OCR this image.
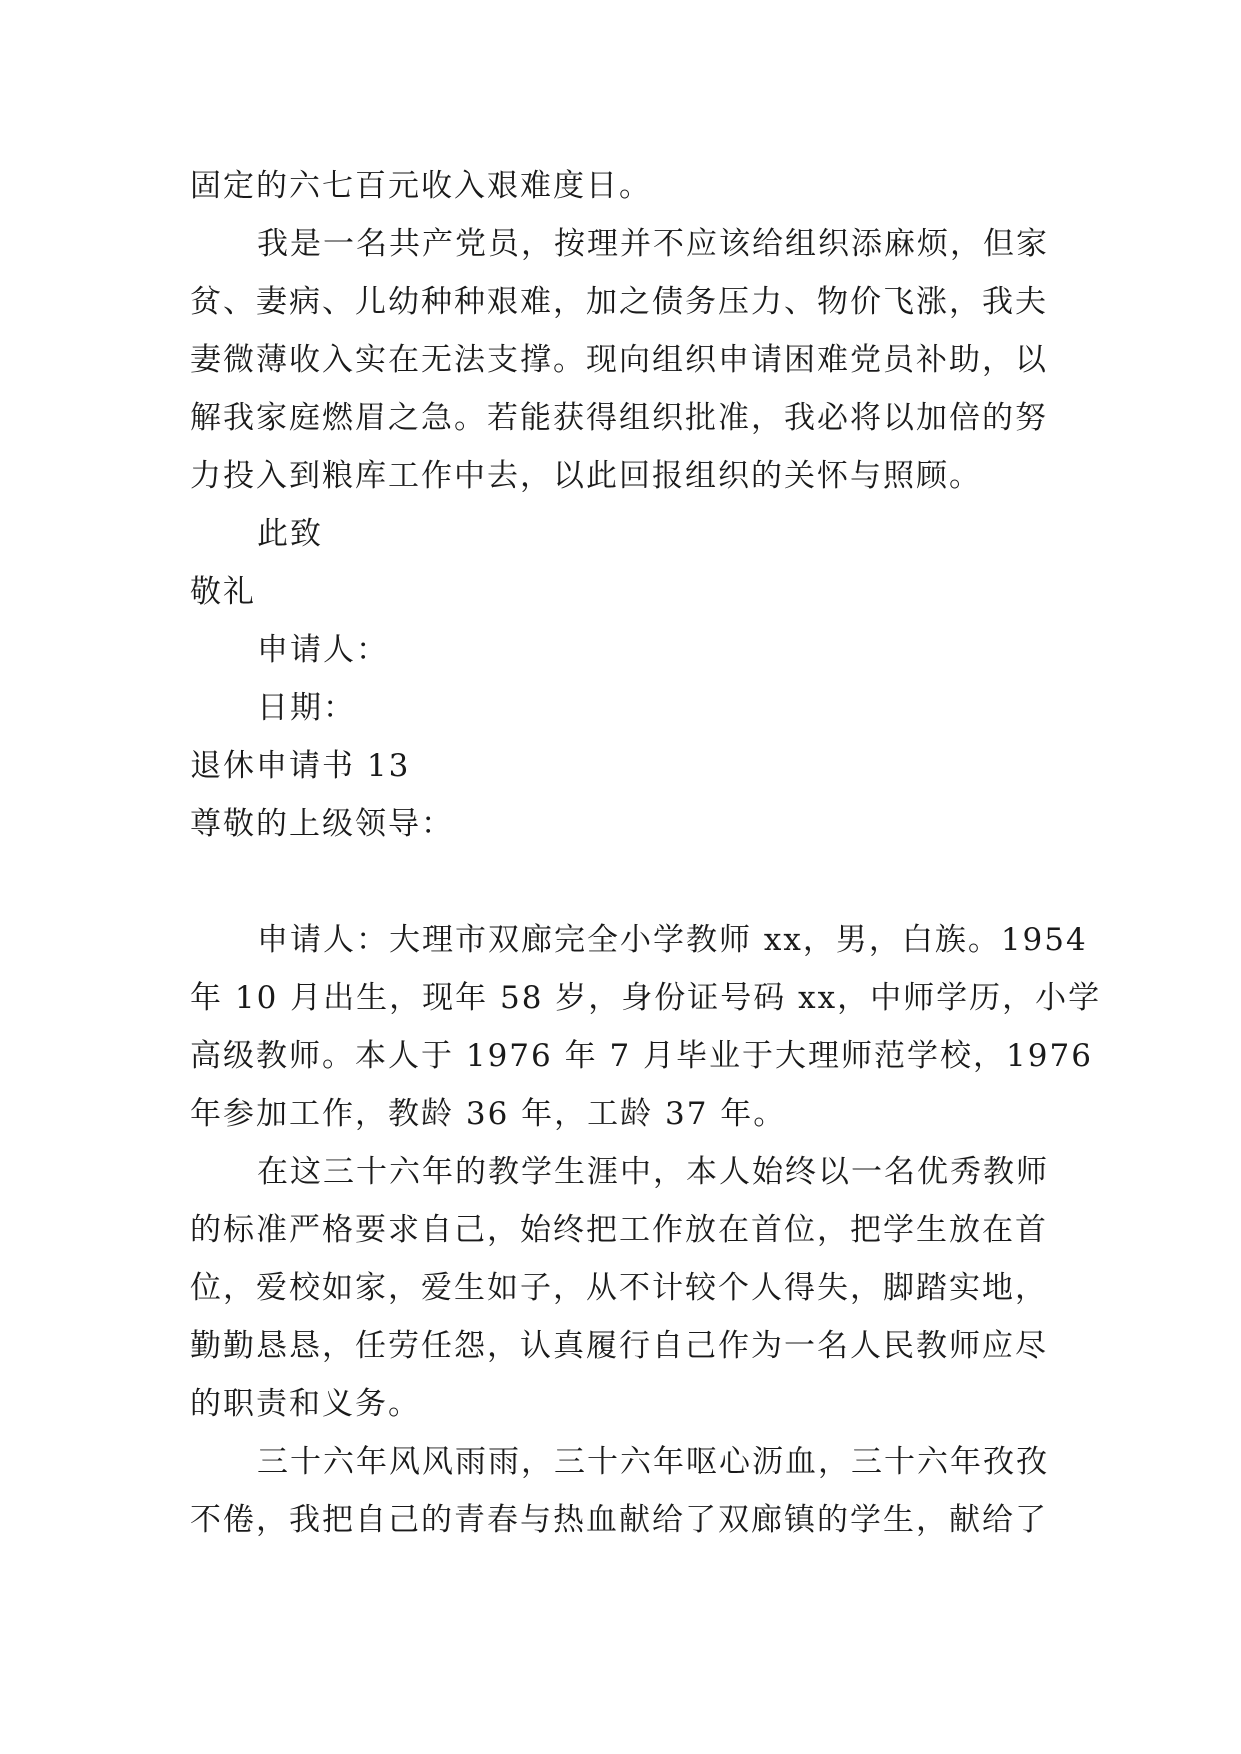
固定的六七百元收入艰难度日。
我是一名共产党员，按理并不应该给组织添麻烦，但家
贫、妻病、儿幼种种艰难，加之债务压力、物价飞涨，我夫
妻微薄收入实在无法支撑。现向组织申请困难党员补助，以
解我家庭燃眉之急。若能获得组织批准，我必将以加倍的努
力投入到粮库工作中去，以此回报组织的关怀与照顾。
此致
敬礼
申请人：
日期：
退休申请书 13
尊敬的上级领导：
申请人：大理市双廊完全小学教师 xx，男，白族。1954
年 10 月出生，现年 58 岁，身份证号码 xx，中师学历，小学
高级教师。本人于 1976 年 7 月毕业于大理师范学校，1976
年参加工作，教龄 36 年，工龄 37 年。
在这三十六年的教学生涯中，本人始终以一名优秀教师
的标准严格要求自己，始终把工作放在首位，把学生放在首
位，爱校如家，爱生如子，从不计较个人得失，脚踏实地，
勤勤恳恳，任劳任怨，认真履行自己作为一名人民教师应尽
的职责和义务。
三十六年风风雨雨，三十六年呕心沥血，三十六年孜孜
不倦，我把自己的青春与热血献给了双廊镇的学生，献给了
